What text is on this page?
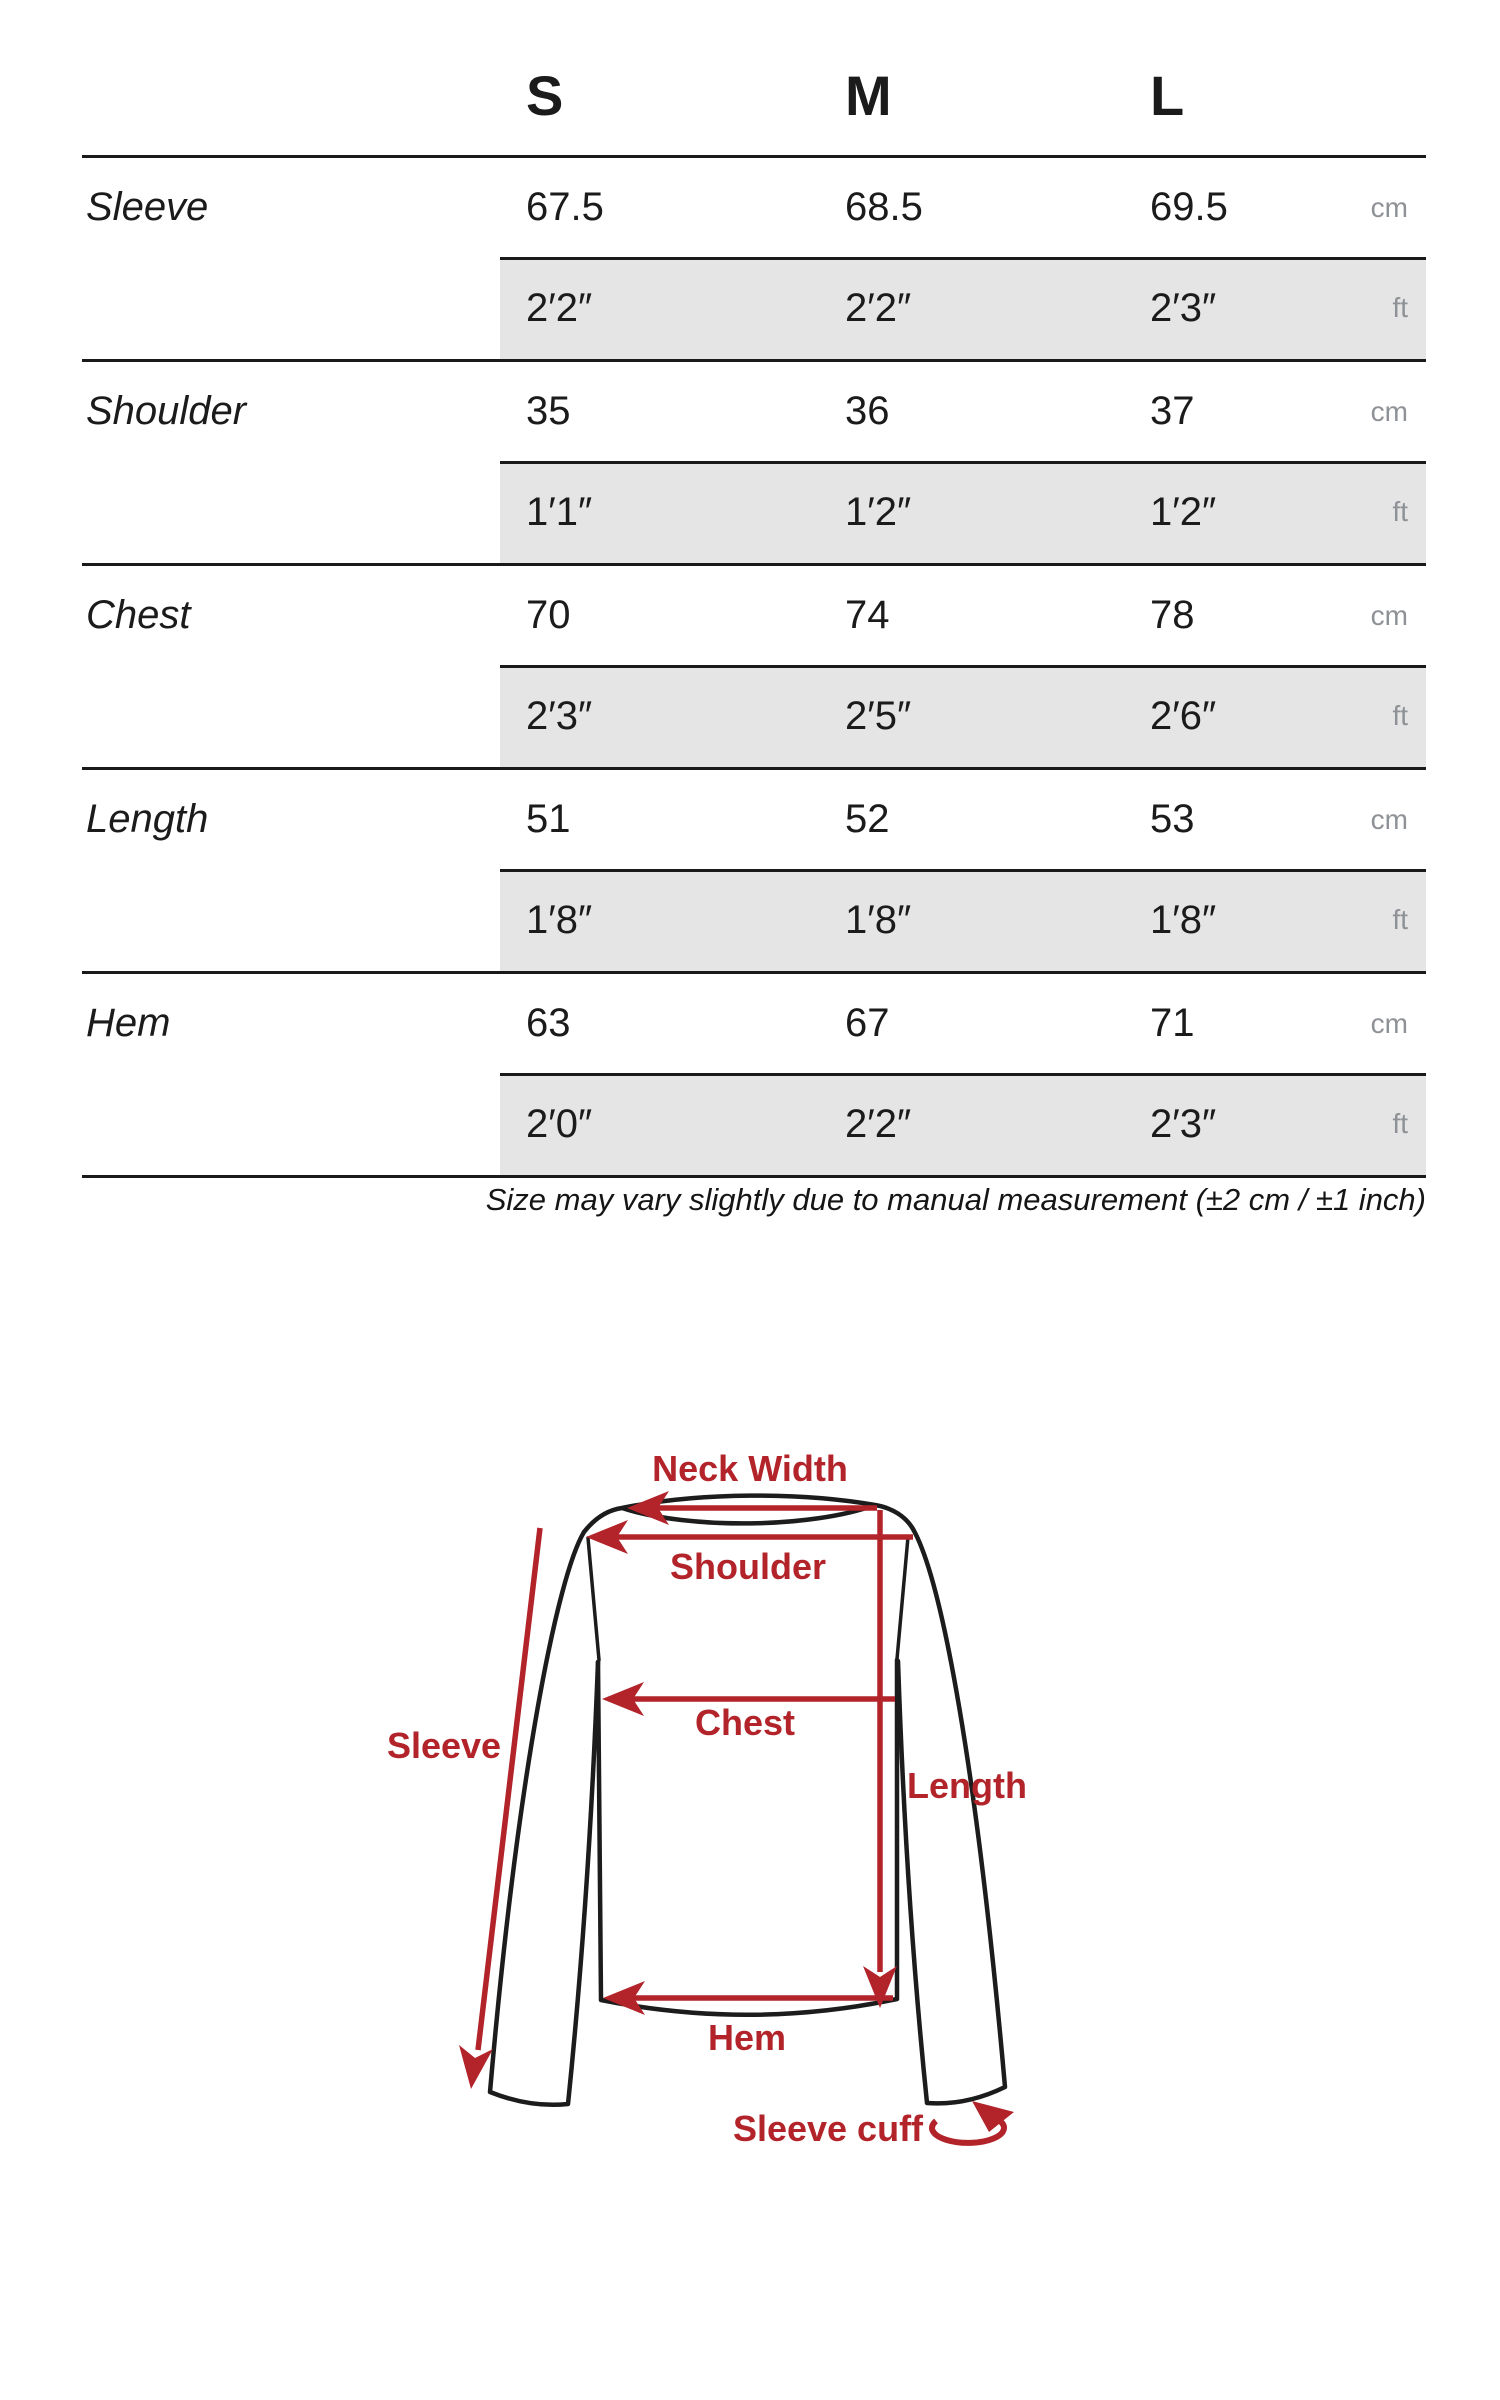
S	M	L
Sleeve	67.5	68.5	69.5	cm
2′2″	2′2″	2′3″	ft
Shoulder	35	36	37	cm
1′1″	1′2″	1′2″	ft
Chest	70	74	78	cm
2′3″	2′5″	2′6″	ft
Length	51	52	53	cm
1′8″	1′8″	1′8″	ft
Hem	63	67	71	cm
2′0″	2′2″	2′3″	ft
Size may vary slightly due to manual measurement (±2 cm / ±1 inch)
Neck Width
Shoulder
Chest
Sleeve
Length
Hem
Sleeve cuff
